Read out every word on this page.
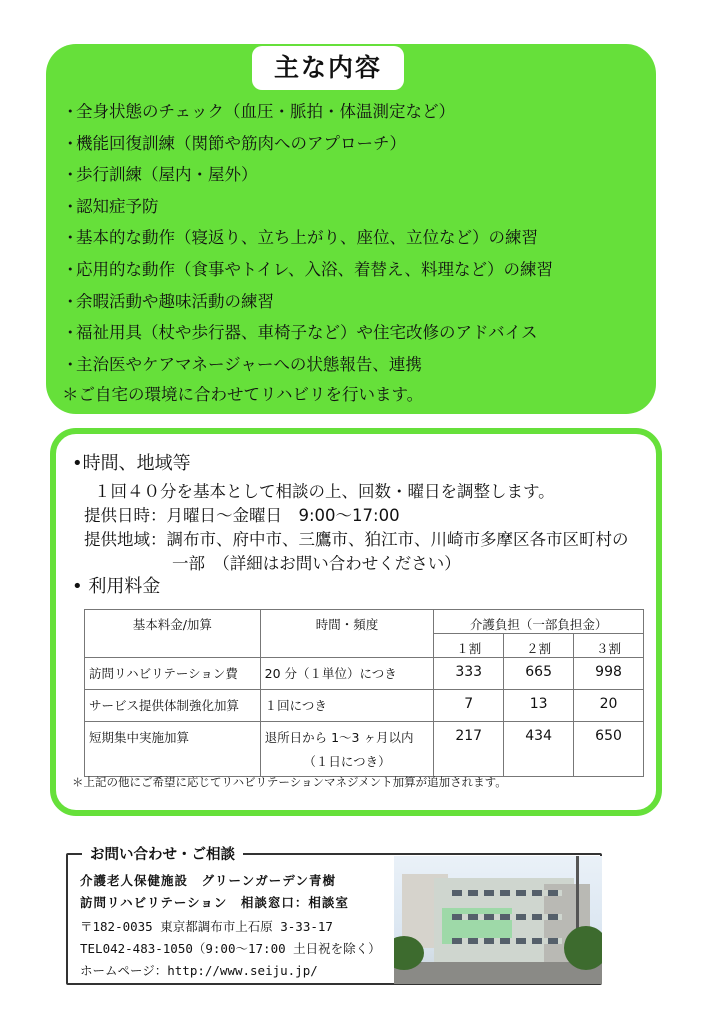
主な内容
・全身状態のチェック（血圧・脈拍・体温測定など）
・機能回復訓練（関節や筋肉へのアプローチ）
・歩行訓練（屋内・屋外）
・認知症予防
・基本的な動作（寝返り、立ち上がり、座位、立位など）の練習
・応用的な動作（食事やトイレ、入浴、着替え、料理など）の練習
・余暇活動や趣味活動の練習
・福祉用具（杖や歩行器、車椅子など）や住宅改修のアドバイス
・主治医やケアマネージャーへの状態報告、連携
＊ご自宅の環境に合わせてリハビリを行います。
•時間、地域等
１回４０分を基本として相談の上、回数・曜日を調整します。
提供日時：月曜日～金曜日　9:00～17:00
提供地域：調布市、府中市、三鷹市、狛江市、川崎市多摩区各市区町村の
一部　（詳細はお問い合わせください）
• 利用料金
基本料金/加算	時間・頻度	介護負担（一部負担金）		
		１割	２割	３割
訪問リハビリテーション費	20 分（１単位）につき	333	665	998
サービス提供体制強化加算	１回につき	7	13	20
短期集中実施加算	退所日から 1～3 ヶ月以内
（１日につき）	217	434	650
＊上記の他にご希望に応じてリハビリテーションマネジメント加算が追加されます。
お問い合わせ・ご相談
介護老人保健施設　グリーンガーデン青樹
訪問リハビリテーション　相談窓口：相談室
〒182-0035 東京都調布市上石原 3-33-17
TEL042-483-1050（9:00～17:00 土日祝を除く）
ホームページ：http://www.seiju.jp/
